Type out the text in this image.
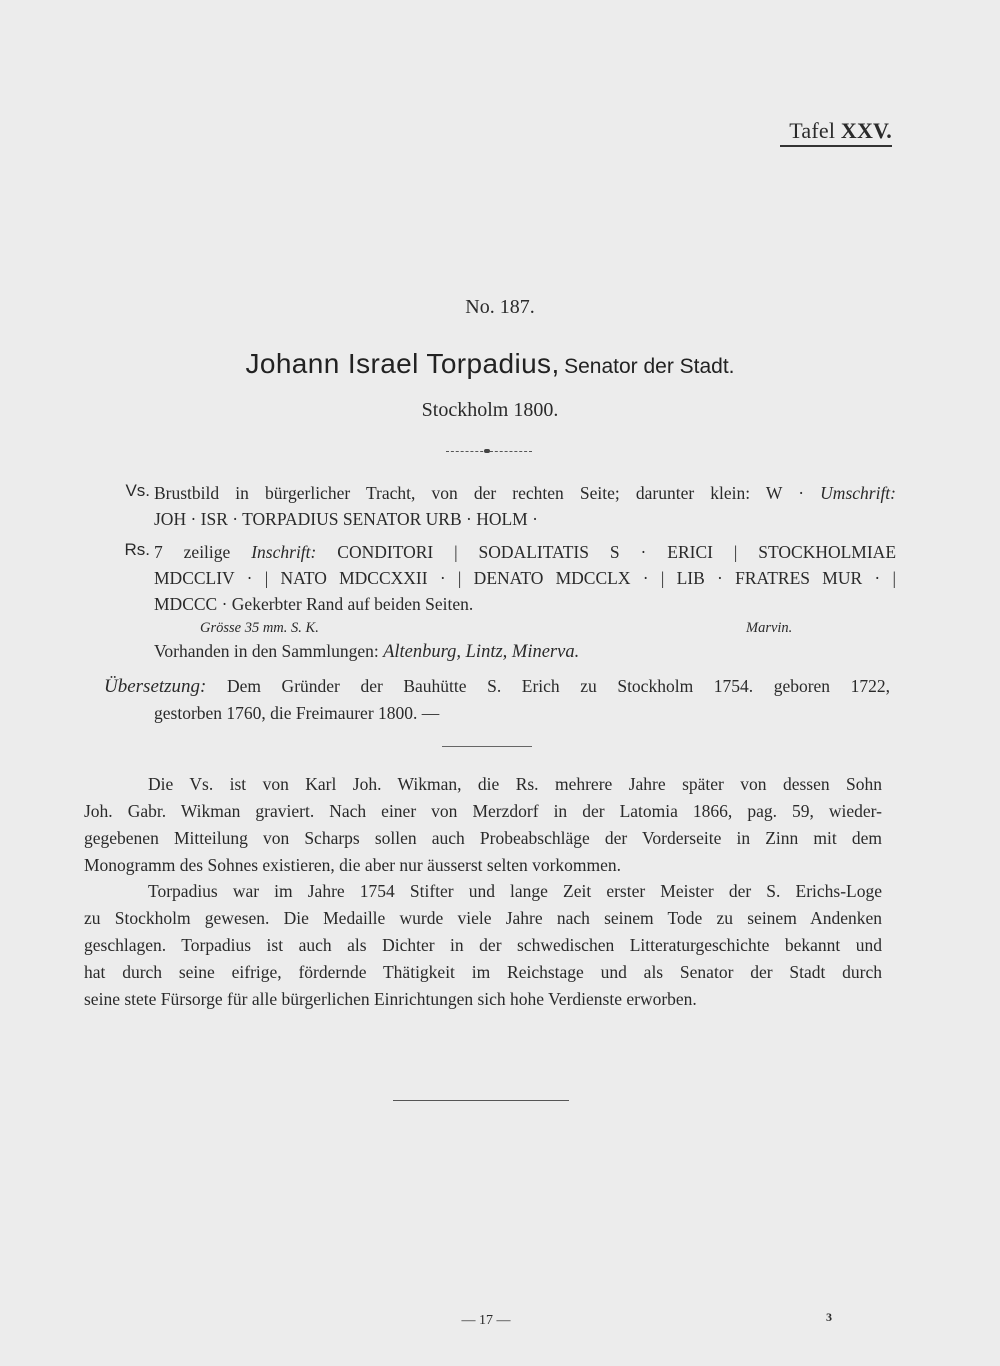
Tafel XXV.
No. 187.
Johann Israel Torpadius, Senator der Stadt.
Stockholm 1800.
Vs. Brustbild in bürgerlicher Tracht, von der rechten Seite; darunter klein: W · Umschrift:
JOH · ISR · TORPADIUS SENATOR URB · HOLM ·
Rs. 7 zeilige Inschrift: CONDITORI | SODALITATIS S · ERICI | STOCKHOLMIAE
MDCCLIV · | NATO MDCCXXII · | DENATO MDCCLX · | LIB · FRATRES MUR · |
MDCCC · Gekerbter Rand auf beiden Seiten.
Grösse 35 mm. S. K.	Marvin.
Vorhanden in den Sammlungen: Altenburg, Lintz, Minerva.
Übersetzung: Dem Gründer der Bauhütte S. Erich zu Stockholm 1754. geboren 1722,
gestorben 1760, die Freimaurer 1800. —
Die Vs. ist von Karl Joh. Wikman, die Rs. mehrere Jahre später von dessen Sohn
Joh. Gabr. Wikman graviert. Nach einer von Merzdorf in der Latomia 1866, pag. 59, wieder-
gegebenen Mitteilung von Scharps sollen auch Probeabschläge der Vorderseite in Zinn mit dem
Monogramm des Sohnes existieren, die aber nur äusserst selten vorkommen.
Torpadius war im Jahre 1754 Stifter und lange Zeit erster Meister der S. Erichs-Loge
zu Stockholm gewesen. Die Medaille wurde viele Jahre nach seinem Tode zu seinem Andenken
geschlagen. Torpadius ist auch als Dichter in der schwedischen Litteraturgeschichte bekannt und
hat durch seine eifrige, fördernde Thätigkeit im Reichstage und als Senator der Stadt durch
seine stete Fürsorge für alle bürgerlichen Einrichtungen sich hohe Verdienste erworben.
— 17 —	3
